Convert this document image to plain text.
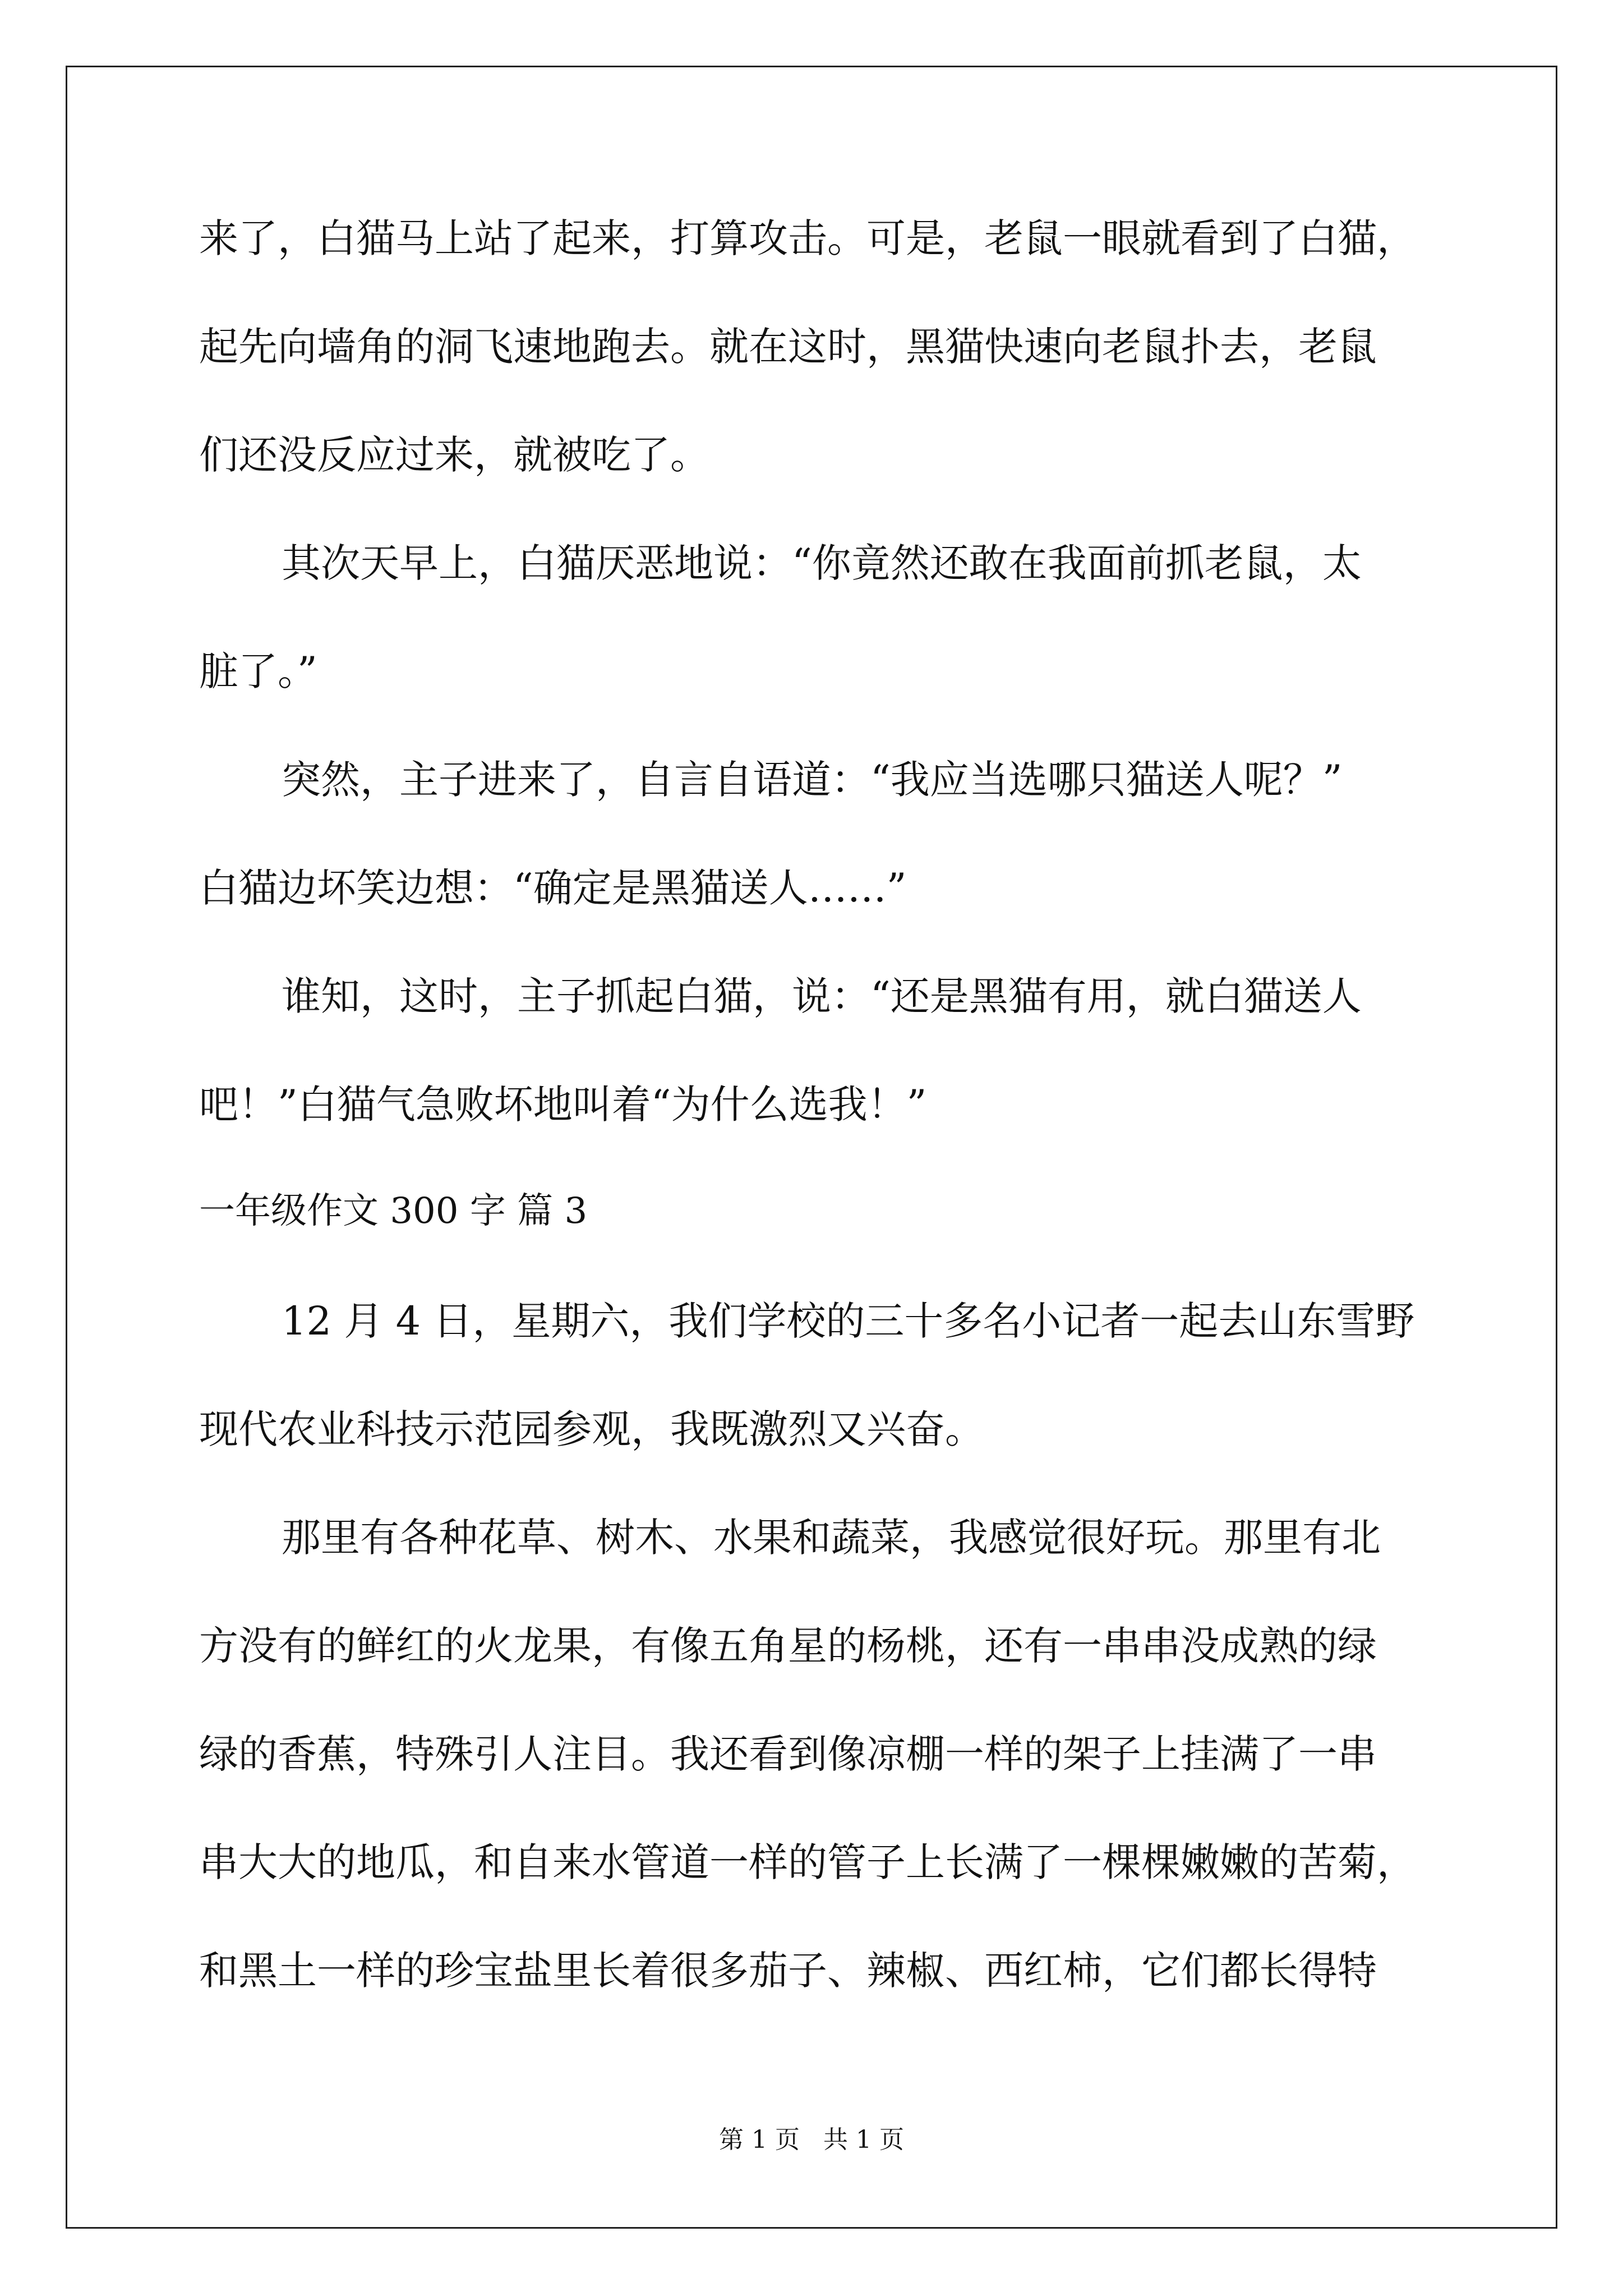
来了，白猫马上站了起来，打算攻击。可是，老鼠一眼就看到了白猫，
起先向墙角的洞飞速地跑去。就在这时，黑猫快速向老鼠扑去，老鼠
们还没反应过来，就被吃了。
其次天早上，白猫厌恶地说：“你竟然还敢在我面前抓老鼠，太
脏了。”
突然，主子进来了，自言自语道：“我应当选哪只猫送人呢？”
白猫边坏笑边想：“确定是黑猫送人……”
谁知，这时，主子抓起白猫，说：“还是黑猫有用，就白猫送人
吧！”白猫气急败坏地叫着“为什么选我！”
一年级作文 300 字 篇 3
12 月 4 日，星期六，我们学校的三十多名小记者一起去山东雪野
现代农业科技示范园参观，我既激烈又兴奋。
那里有各种花草、树木、水果和蔬菜，我感觉很好玩。那里有北
方没有的鲜红的火龙果，有像五角星的杨桃，还有一串串没成熟的绿
绿的香蕉，特殊引人注目。我还看到像凉棚一样的架子上挂满了一串
串大大的地瓜，和自来水管道一样的管子上长满了一棵棵嫩嫩的苦菊，
和黑土一样的珍宝盐里长着很多茄子、辣椒、西红柿，它们都长得特
第 1 页   共 1 页
